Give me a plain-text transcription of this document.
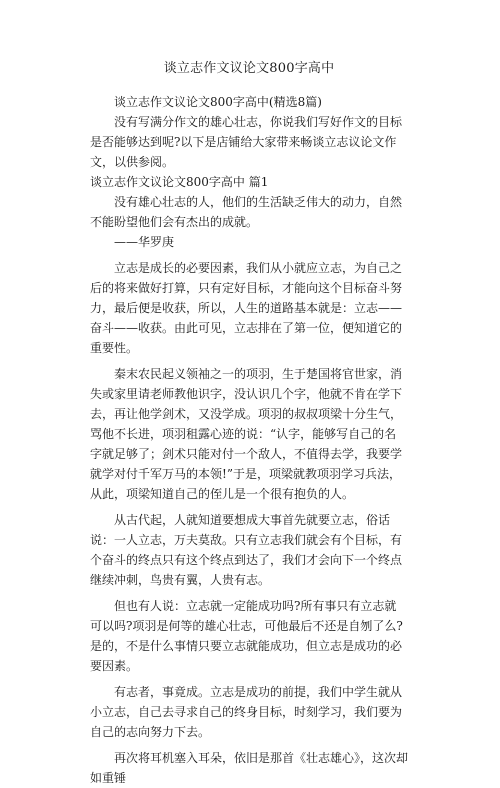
谈立志作文议论文800字高中

谈立志作文议论文800字高中(精选8篇)

没有写满分作文的雄心壮志，你说我们写好作文的目标是否能够达到呢?以下是店铺给大家带来畅谈立志议论文作文，以供参阅。

谈立志作文议论文800字高中 篇1

没有雄心壮志的人，他们的生活缺乏伟大的动力，自然不能盼望他们会有杰出的成就。

——华罗庚

立志是成长的必要因素，我们从小就应立志，为自己之后的将来做好打算，只有定好目标，才能向这个目标奋斗努力，最后便是收获，所以，人生的道路基本就是：立志——奋斗——收获。由此可见，立志排在了第一位，便知道它的重要性。

秦末农民起义领袖之一的项羽，生于楚国将官世家，消失或家里请老师教他识字，没认识几个字，他就不肯在学下去，再让他学剑术，又没学成。项羽的叔叔项梁十分生气，骂他不长进，项羽租露心迹的说：“认字，能够写自己的名字就足够了；剑术只能对付一个敌人，不值得去学，我要学就学对付千军万马的本领!”于是，项梁就教项羽学习兵法，从此，项梁知道自己的侄儿是一个很有抱负的人。

从古代起，人就知道要想成大事首先就要立志，俗话说：一人立志，万夫莫敌。只有立志我们就会有个目标，有个奋斗的终点只有这个终点到达了，我们才会向下一个终点继续冲刺，鸟贵有翼，人贵有志。

但也有人说：立志就一定能成功吗?所有事只有立志就可以吗?项羽是何等的雄心壮志，可他最后不还是自刎了么?是的，不是什么事情只要立志就能成功，但立志是成功的必要因素。

有志者，事竟成。立志是成功的前提，我们中学生就从小立志，自己去寻求自己的终身目标，时刻学习，我们要为自己的志向努力下去。

再次将耳机塞入耳朵，依旧是那首《壮志雄心》，这次却如重锤
